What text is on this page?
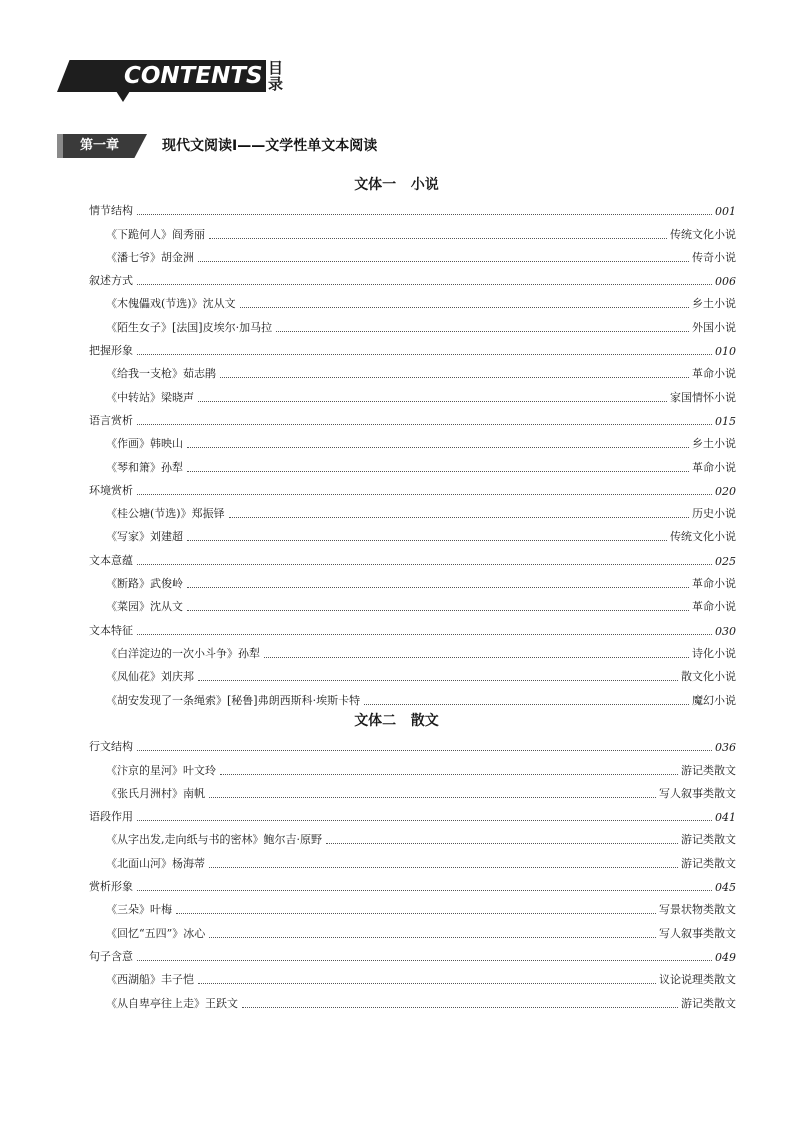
CONTENTS 目录
第一章	现代文阅读Ⅰ——文学性单文本阅读
文体一   小说
情节结构	001
《下跪何人》阎秀丽	传统文化小说
《潘七爷》胡金洲	传奇小说
叙述方式	006
《木傀儡戏(节选)》沈从文	乡土小说
《陌生女子》[法国]皮埃尔·加马拉	外国小说
把握形象	010
《给我一支枪》茹志鹃	革命小说
《中转站》梁晓声	家国情怀小说
语言赏析	015
《作画》韩映山	乡土小说
《琴和箫》孙犁	革命小说
环境赏析	020
《桂公塘(节选)》郑振铎	历史小说
《写家》刘建超	传统文化小说
文本意蕴	025
《断路》武俊岭	革命小说
《菜园》沈从文	革命小说
文本特征	030
《白洋淀边的一次小斗争》孙犁	诗化小说
《凤仙花》刘庆邦	散文化小说
《胡安发现了一条绳索》[秘鲁]弗朗西斯科·埃斯卡特	魔幻小说
文体二   散文
行文结构	036
《汴京的星河》叶文玲	游记类散文
《张氏月洲村》南帆	写人叙事类散文
语段作用	041
《从字出发,走向纸与书的密林》鲍尔吉·原野	游记类散文
《北面山河》杨海蒂	游记类散文
赏析形象	045
《三朵》叶梅	写景状物类散文
《回忆“五四”》冰心	写人叙事类散文
句子含意	049
《西湖船》丰子恺	议论说理类散文
《从自卑亭往上走》王跃文	游记类散文
